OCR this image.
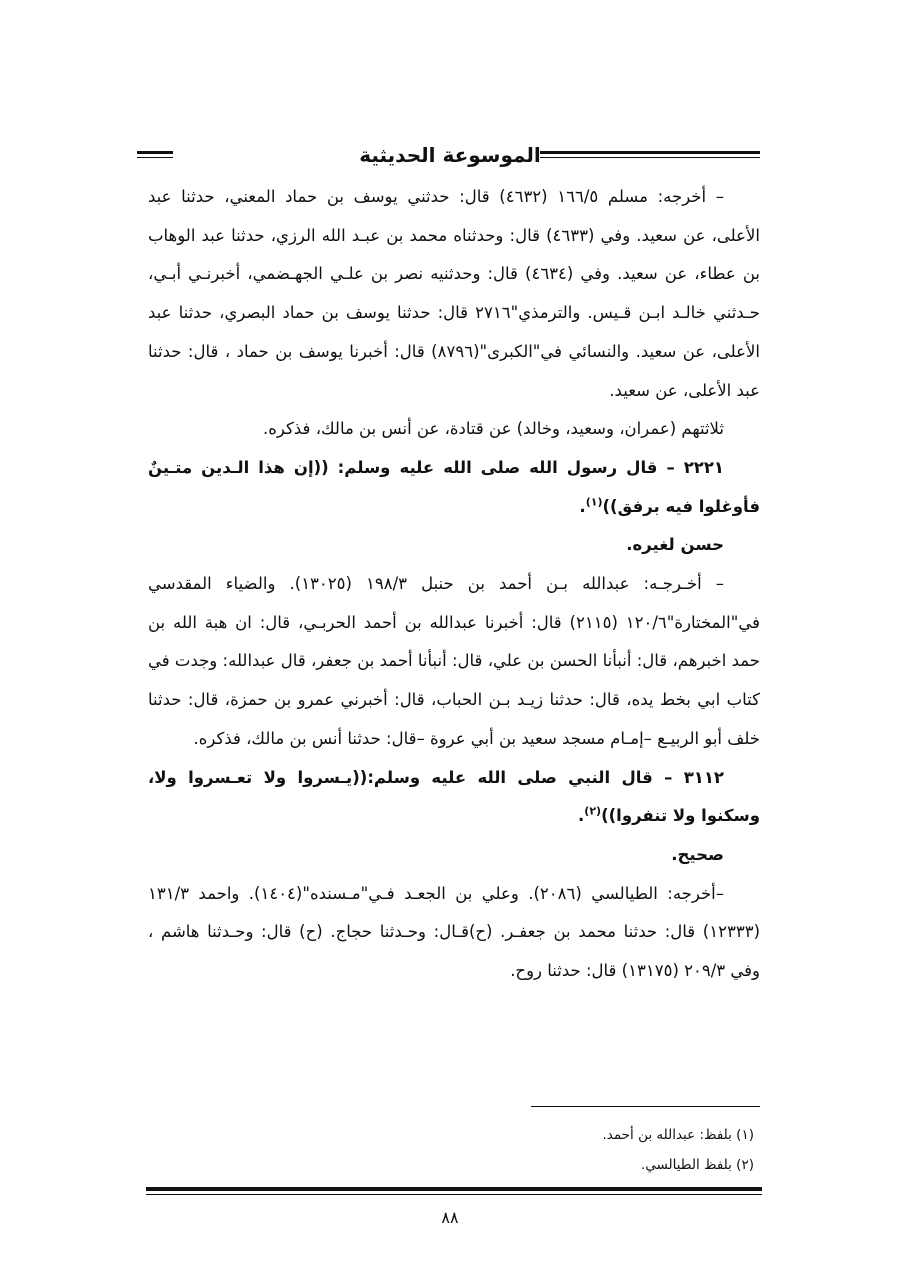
الموسوعة الحديثية

– أخرجه: مسلم ١٦٦/٥ (٤٦٣٢) قال: حدثني يوسف بن حماد المعني، حدثنا عبد الأعلى، عن سعيد. وفي (٤٦٣٣) قال: وحدثناه محمد بن عبـد الله الرزي، حدثنا عبد الوهاب بن عطاء، عن سعيد. وفي (٤٦٣٤) قال: وحدثنيه نصر بن علـي الجهـضمي، أخبرنـي أبـي، حـدثني خالـد ابـن قـيس. والترمذي"٢٧١٦ قال: حدثنا يوسف بن حماد البصري، حدثنا عبد الأعلى، عن سعيد. والنسائي في"الكبرى"(٨٧٩٦) قال: أخبرنا يوسف بن حماد ، قال: حدثنا عبد الأعلى، عن سعيد.

ثلاثتهم (عمران، وسعيد، وخالد) عن قتادة، عن أنس بن مالك، فذكره.

٢٢٢١ – قال رسول الله صلى الله عليه وسلم: ((إن هذا الـدين متـينٌ فأوغلوا فيه برفق))$^{(١)}$.

حسن لغيره.

– أخـرجـه: عبدالله بـن أحمد بن حنبل ١٩٨/٣ (١٣٠٢٥). والضياء المقدسي في"المختارة"١٢٠/٦ (٢١١٥) قال: أخبرنا عبدالله بن أحمد الحربـي، قال: ان هبة الله بن حمد اخبرهم، قال: أنبأنا الحسن بن علي، قال: أنبأنا أحمد بن جعفر، قال عبدالله: وجدت في كتاب ابي بخط يده، قال: حدثنا زيـد بـن الحباب، قال: أخبرني عمرو بن حمزة، قال: حدثنا خلف أبو الربيـع –إمـام مسجد سعيد بن أبي عروة –قال: حدثنا أنس بن مالك، فذكره.

٣١١٢ – قال النبي صلى الله عليه وسلم:((يـسروا ولا تعـسروا ولا، وسكنوا ولا تنفروا))$^{(٢)}$.

صحيح.

–أخرجه: الطيالسي (٢٠٨٦). وعلي بن الجعـد فـي"مـسنده"(١٤٠٤). واحمد ١٣١/٣ (١٢٣٣٣) قال: حدثنا محمد بن جعفـر. (ح)قـال: وحـدثنا حجاج. (ح) قال: وحـدثنا هاشم ، وفي ٢٠٩/٣ (١٣١٧٥) قال: حدثنا روح.

(١) بلفظ: عبدالله بن أحمد.
(٢) بلفظ الطيالسي.
٨٨
